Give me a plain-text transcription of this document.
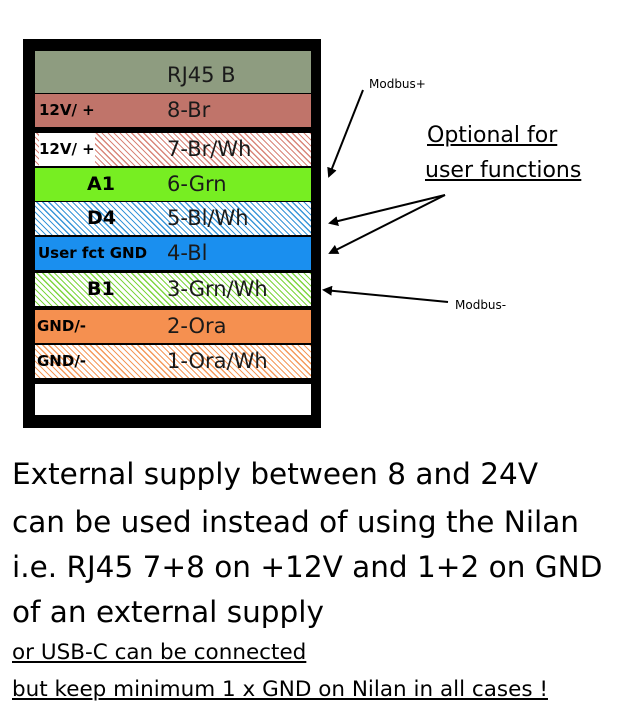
RJ45 B
12V/ +	8-Br
12V/ +	7-Br/Wh
A1 6-Grn
D4 5-Bl/Wh
User fct GND 4-Bl
B1 3-Grn/Wh
GND/-	2-Ora
GND/-	1-Ora/Wh
Modbus+
Modbus-
Optional for
user functions
External supply between 8 and 24V
can be used instead of using the Nilan
i.e. RJ45 7+8 on +12V and 1+2 on GND
of an external supply
or USB-C can be connected
but keep minimum 1 x GND on Nilan in all cases !
